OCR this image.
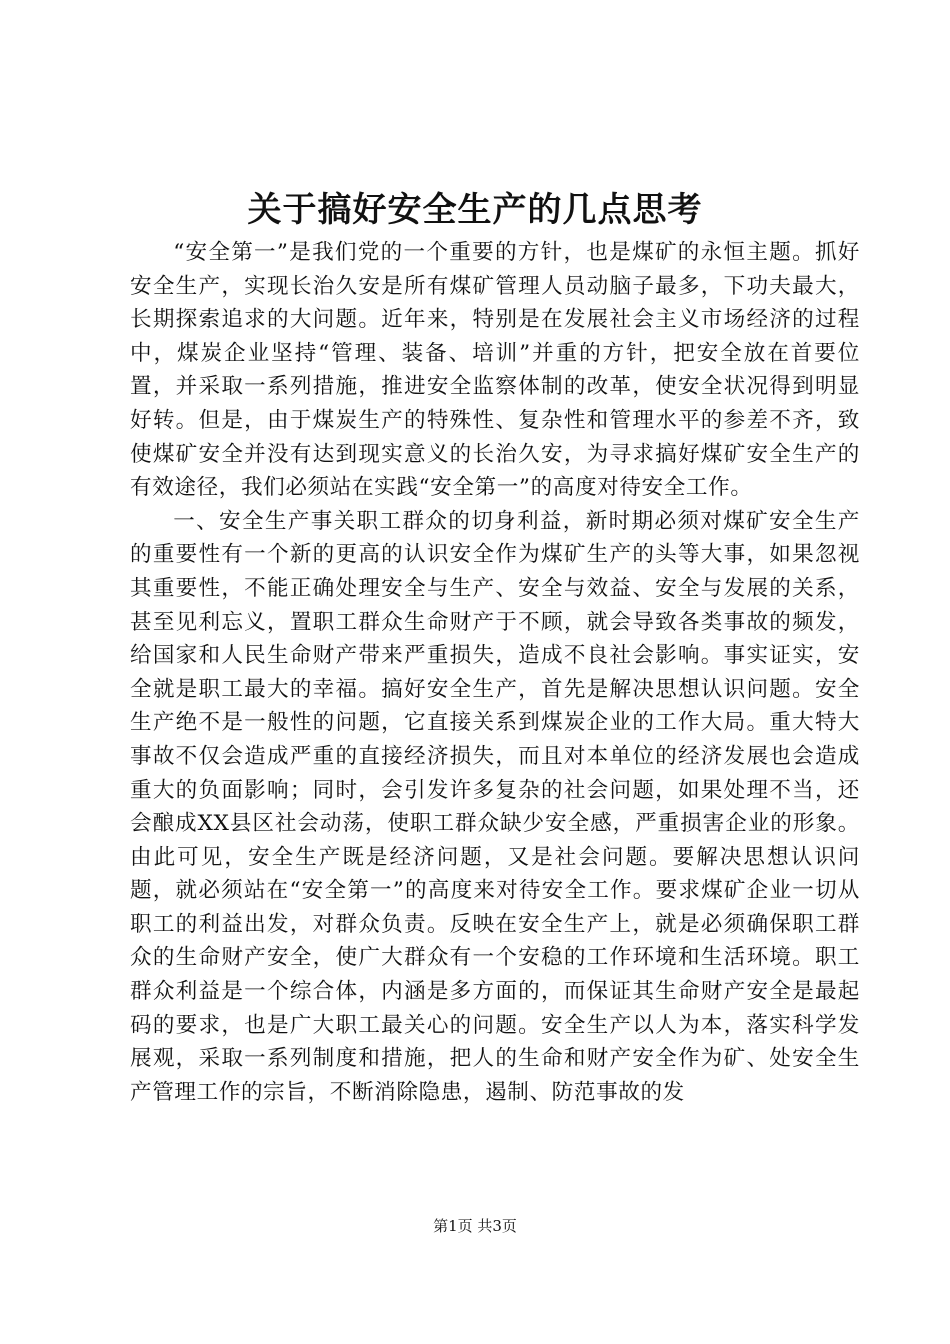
关于搞好安全生产的几点思考

“安全第一”是我们党的一个重要的方针，也是煤矿的永恒主题。抓好安全生产，实现长治久安是所有煤矿管理人员动脑子最多，下功夫最大，长期探索追求的大问题。近年来，特别是在发展社会主义市场经济的过程中，煤炭企业坚持“管理、装备、培训”并重的方针，把安全放在首要位置，并采取一系列措施，推进安全监察体制的改革，使安全状况得到明显好转。但是，由于煤炭生产的特殊性、复杂性和管理水平的参差不齐，致使煤矿安全并没有达到现实意义的长治久安，为寻求搞好煤矿安全生产的有效途径，我们必须站在实践“安全第一”的高度对待安全工作。

一、安全生产事关职工群众的切身利益，新时期必须对煤矿安全生产的重要性有一个新的更高的认识安全作为煤矿生产的头等大事，如果忽视其重要性，不能正确处理安全与生产、安全与效益、安全与发展的关系，甚至见利忘义，置职工群众生命财产于不顾，就会导致各类事故的频发，给国家和人民生命财产带来严重损失，造成不良社会影响。事实证实，安全就是职工最大的幸福。搞好安全生产，首先是解决思想认识问题。安全生产绝不是一般性的问题，它直接关系到煤炭企业的工作大局。重大特大事故不仅会造成严重的直接经济损失，而且对本单位的经济发展也会造成重大的负面影响；同时，会引发许多复杂的社会问题，如果处理不当，还会酿成XX县区社会动荡，使职工群众缺少安全感，严重损害企业的形象。由此可见，安全生产既是经济问题，又是社会问题。要解决思想认识问题，就必须站在“安全第一”的高度来对待安全工作。要求煤矿企业一切从职工的利益出发，对群众负责。反映在安全生产上，就是必须确保职工群众的生命财产安全，使广大群众有一个安稳的工作环境和生活环境。职工群众利益是一个综合体，内涵是多方面的，而保证其生命财产安全是最起码的要求，也是广大职工最关心的问题。安全生产以人为本，落实科学发展观，采取一系列制度和措施，把人的生命和财产安全作为矿、处安全生产管理工作的宗旨，不断消除隐患，遏制、防范事故的发

第1页 共3页
